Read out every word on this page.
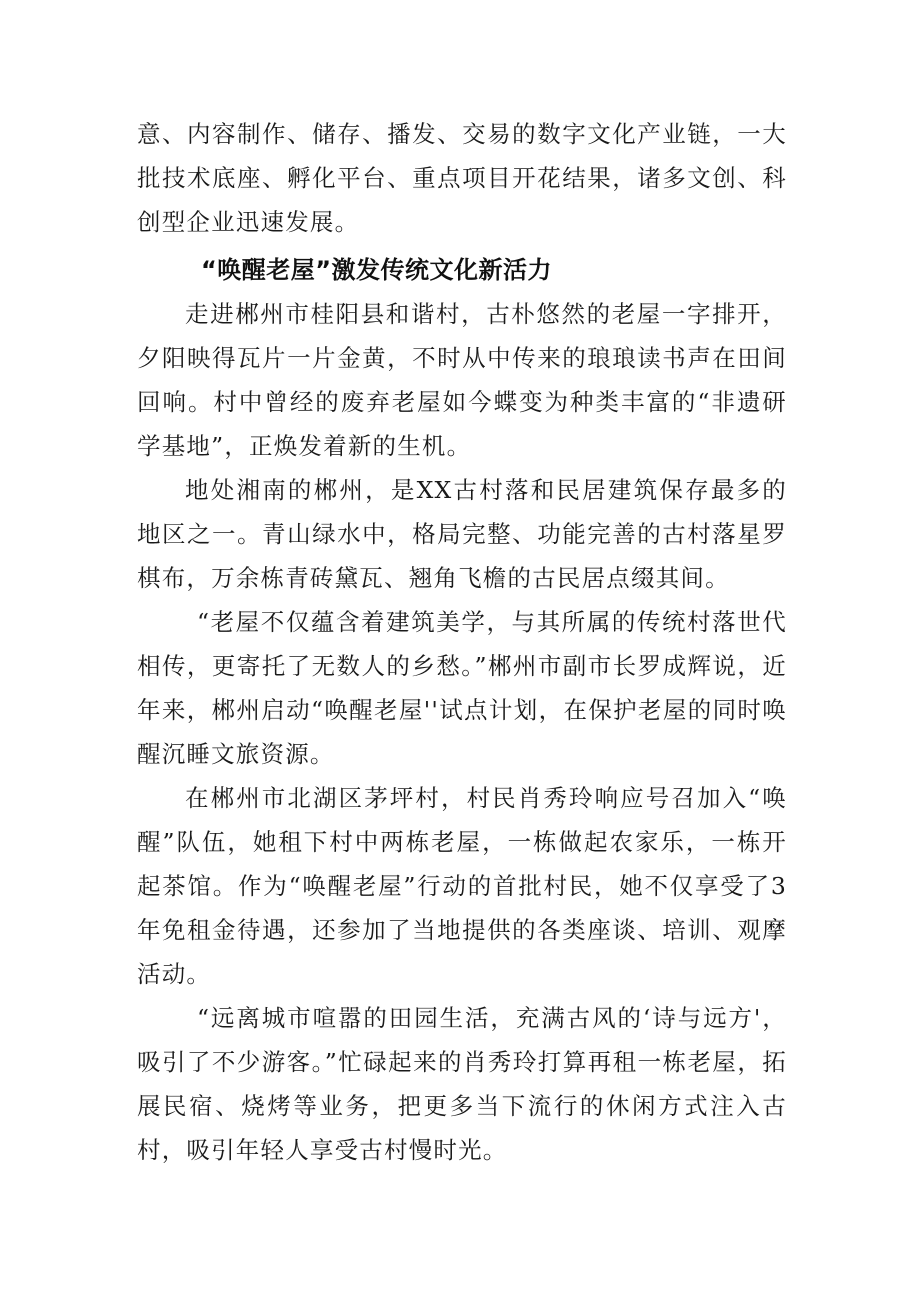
意、内容制作、储存、播发、交易的数字文化产业链，一大批技术底座、孵化平台、重点项目开花结果，诸多文创、科创型企业迅速发展。

“唤醒老屋”激发传统文化新活力

走进郴州市桂阳县和谐村，古朴悠然的老屋一字排开，夕阳映得瓦片一片金黄，不时从中传来的琅琅读书声在田间回响。村中曾经的废弃老屋如今蝶变为种类丰富的“非遗研学基地”，正焕发着新的生机。

地处湘南的郴州，是XX古村落和民居建筑保存最多的地区之一。青山绿水中，格局完整、功能完善的古村落星罗棋布，万余栋青砖黛瓦、翘角飞檐的古民居点缀其间。

“老屋不仅蕴含着建筑美学，与其所属的传统村落世代相传，更寄托了无数人的乡愁。”郴州市副市长罗成辉说，近年来，郴州启动“唤醒老屋''试点计划，在保护老屋的同时唤醒沉睡文旅资源。

在郴州市北湖区茅坪村，村民肖秀玲响应号召加入“唤醒”队伍，她租下村中两栋老屋，一栋做起农家乐，一栋开起茶馆。作为“唤醒老屋”行动的首批村民，她不仅享受了3年免租金待遇，还参加了当地提供的各类座谈、培训、观摩活动。

“远离城市喧嚣的田园生活，充满古风的‘诗与远方'，吸引了不少游客。”忙碌起来的肖秀玲打算再租一栋老屋，拓展民宿、烧烤等业务，把更多当下流行的休闲方式注入古村，吸引年轻人享受古村慢时光。
